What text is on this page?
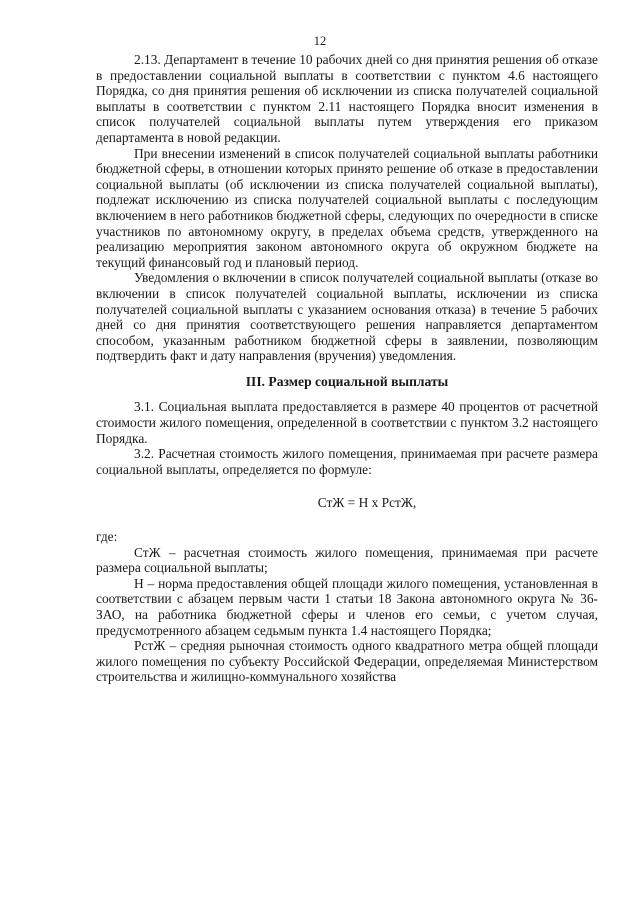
12

2.13. Департамент в течение 10 рабочих дней со дня принятия решения об отказе в предоставлении социальной выплаты в соответствии с пунктом 4.6 настоящего Порядка, со дня принятия решения об исключении из списка получателей социальной выплаты в соответствии с пунктом 2.11 настоящего Порядка вносит изменения в список получателей социальной выплаты путем утверждения его приказом департамента в новой редакции.

При внесении изменений в список получателей социальной выплаты работники бюджетной сферы, в отношении которых принято решение об отказе в предоставлении социальной выплаты (об исключении из списка получателей социальной выплаты), подлежат исключению из списка получателей социальной выплаты с последующим включением в него работников бюджетной сферы, следующих по очередности в списке участников по автономному округу, в пределах объема средств, утвержденного на реализацию мероприятия законом автономного округа об окружном бюджете на текущий финансовый год и плановый период.

Уведомления о включении в список получателей социальной выплаты (отказе во включении в список получателей социальной выплаты, исключении из списка получателей социальной выплаты с указанием основания отказа) в течение 5 рабочих дней со дня принятия соответствующего решения направляется департаментом способом, указанным работником бюджетной сферы в заявлении, позволяющим подтвердить факт и дату направления (вручения) уведомления.

III. Размер социальной выплаты

3.1. Социальная выплата предоставляется в размере 40 процентов от расчетной стоимости жилого помещения, определенной в соответствии с пунктом 3.2 настоящего Порядка.

3.2. Расчетная стоимость жилого помещения, принимаемая при расчете размера социальной выплаты, определяется по формуле:

СтЖ = Н х РстЖ,

где:

СтЖ – расчетная стоимость жилого помещения, принимаемая при расчете размера социальной выплаты;

Н – норма предоставления общей площади жилого помещения, установленная в соответствии с абзацем первым части 1 статьи 18 Закона автономного округа № 36-ЗАО, на работника бюджетной сферы и членов его семьи, с учетом случая, предусмотренного абзацем седьмым пункта 1.4 настоящего Порядка;

РстЖ – средняя рыночная стоимость одного квадратного метра общей площади жилого помещения по субъекту Российской Федерации, определяемая Министерством строительства и жилищно-коммунального хозяйства
